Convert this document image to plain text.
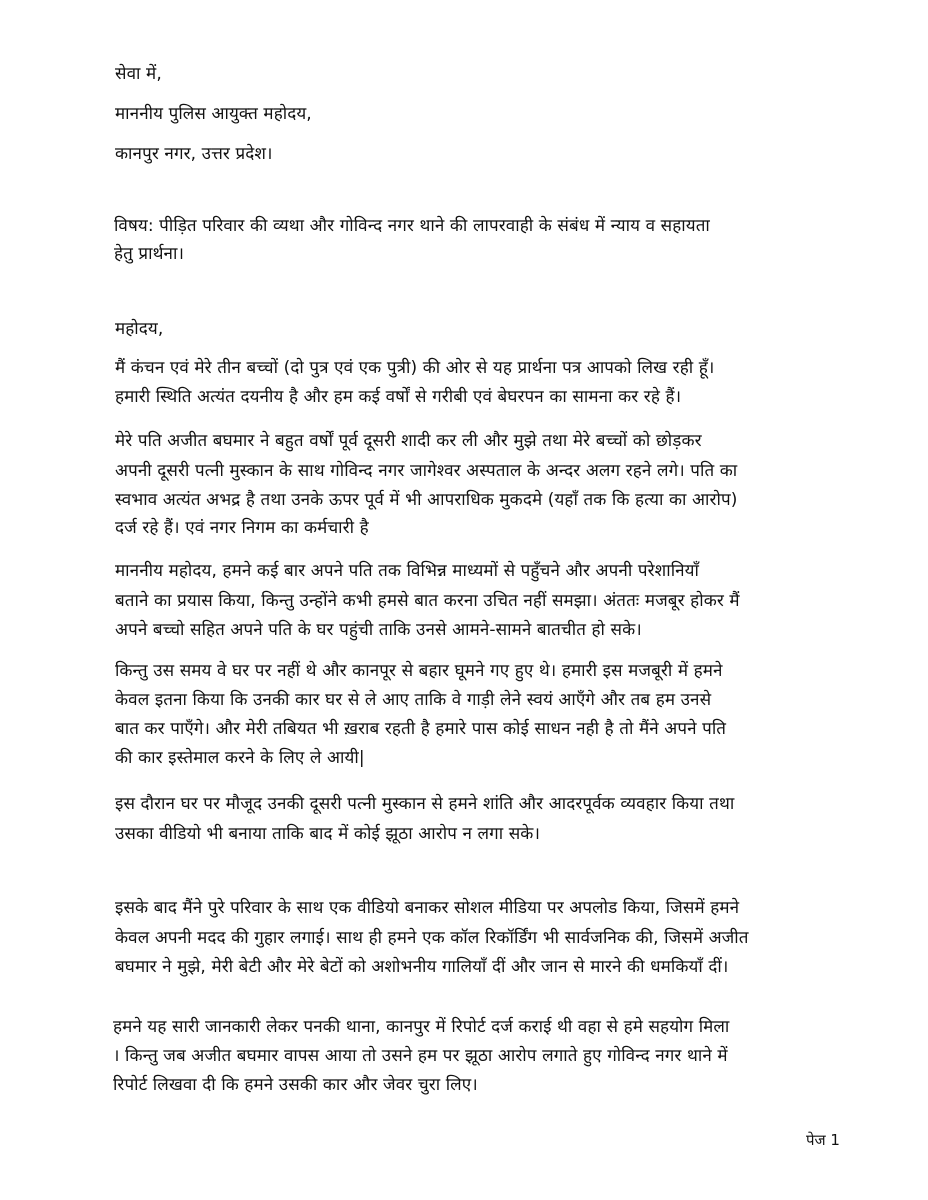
सेवा में,
माननीय पुलिस आयुक्त महोदय,
कानपुर नगर, उत्तर प्रदेश।
विषय: पीड़ित परिवार की व्यथा और गोविन्द नगर थाने की लापरवाही के संबंध में न्याय व सहायता
हेतु प्रार्थना।
महोदय,
मैं कंचन एवं मेरे तीन बच्चों (दो पुत्र एवं एक पुत्री) की ओर से यह प्रार्थना पत्र आपको लिख रही हूँ।
हमारी स्थिति अत्यंत दयनीय है और हम कई वर्षों से गरीबी एवं बेघरपन का सामना कर रहे हैं।
मेरे पति अजीत बघमार ने बहुत वर्षों पूर्व दूसरी शादी कर ली और मुझे तथा मेरे बच्चों को छोड़कर
अपनी दूसरी पत्नी मुस्कान के साथ गोविन्द नगर जागेश्वर अस्पताल के अन्दर अलग रहने लगे। पति का
स्वभाव अत्यंत अभद्र है तथा उनके ऊपर पूर्व में भी आपराधिक मुकदमे (यहाँ तक कि हत्या का आरोप)
दर्ज रहे हैं। एवं नगर निगम का कर्मचारी है
माननीय महोदय, हमने कई बार अपने पति तक विभिन्न माध्यमों से पहुँचने और अपनी परेशानियाँ
बताने का प्रयास किया, किन्तु उन्होंने कभी हमसे बात करना उचित नहीं समझा। अंततः मजबूर होकर मैं
अपने बच्चो सहित अपने पति के घर पहुंची ताकि उनसे आमने-सामने बातचीत हो सके।
किन्तु उस समय वे घर पर नहीं थे और कानपूर से बहार घूमने गए हुए थे। हमारी इस मजबूरी में हमने
केवल इतना किया कि उनकी कार घर से ले आए ताकि वे गाड़ी लेने स्वयं आएँगे और तब हम उनसे
बात कर पाएँगे। और मेरी तबियत भी ख़राब रहती है हमारे पास कोई साधन नही है तो मैंने अपने पति
की कार इस्तेमाल करने के लिए ले आयी|
इस दौरान घर पर मौजूद उनकी दूसरी पत्नी मुस्कान से हमने शांति और आदरपूर्वक व्यवहार किया तथा
उसका वीडियो भी बनाया ताकि बाद में कोई झूठा आरोप न लगा सके।
इसके बाद मैंने पुरे परिवार के साथ एक वीडियो बनाकर सोशल मीडिया पर अपलोड किया, जिसमें हमने
केवल अपनी मदद की गुहार लगाई। साथ ही हमने एक कॉल रिकॉर्डिंग भी सार्वजनिक की, जिसमें अजीत
बघमार ने मुझे, मेरी बेटी और मेरे बेटों को अशोभनीय गालियाँ दीं और जान से मारने की धमकियाँ दीं।
हमने यह सारी जानकारी लेकर पनकी थाना, कानपुर में रिपोर्ट दर्ज कराई थी वहा से हमे सहयोग मिला
। किन्तु जब अजीत बघमार वापस आया तो उसने हम पर झूठा आरोप लगाते हुए गोविन्द नगर थाने में
रिपोर्ट लिखवा दी कि हमने उसकी कार और जेवर चुरा लिए।
पेज 1
